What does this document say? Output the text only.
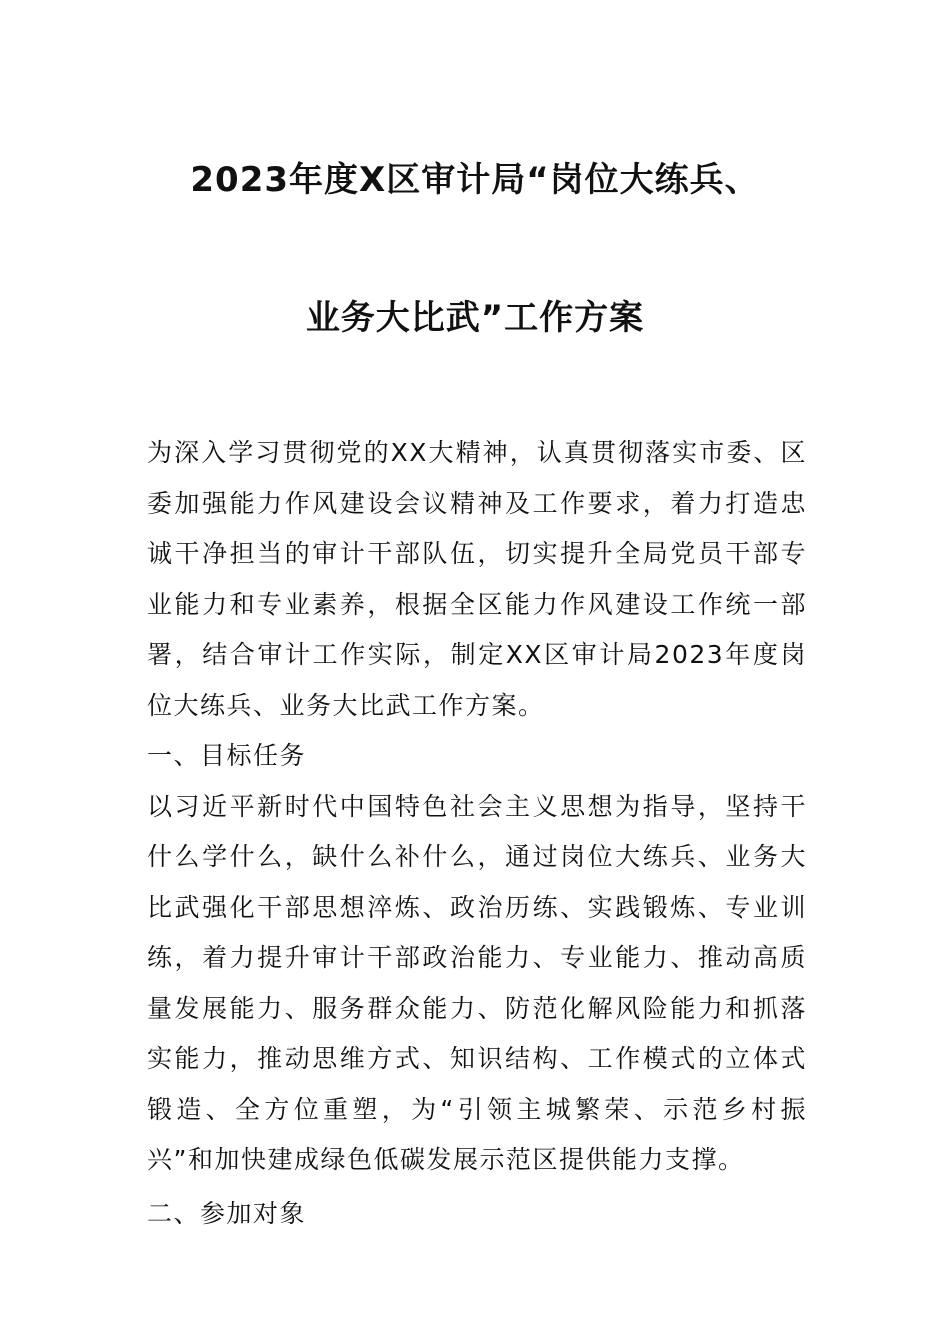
2023年度X区审计局“岗位大练兵、
业务大比武”工作方案

为深入学习贯彻党的XX大精神，认真贯彻落实市委、区委加强能力作风建设会议精神及工作要求，着力打造忠诚干净担当的审计干部队伍，切实提升全局党员干部专业能力和专业素养，根据全区能力作风建设工作统一部署，结合审计工作实际，制定XX区审计局2023年度岗位大练兵、业务大比武工作方案。

一、目标任务

以习近平新时代中国特色社会主义思想为指导，坚持干什么学什么，缺什么补什么，通过岗位大练兵、业务大比武强化干部思想淬炼、政治历练、实践锻炼、专业训练，着力提升审计干部政治能力、专业能力、推动高质量发展能力、服务群众能力、防范化解风险能力和抓落实能力，推动思维方式、知识结构、工作模式的立体式锻造、全方位重塑，为“引领主城繁荣、示范乡村振兴”和加快建成绿色低碳发展示范区提供能力支撑。

二、参加对象
